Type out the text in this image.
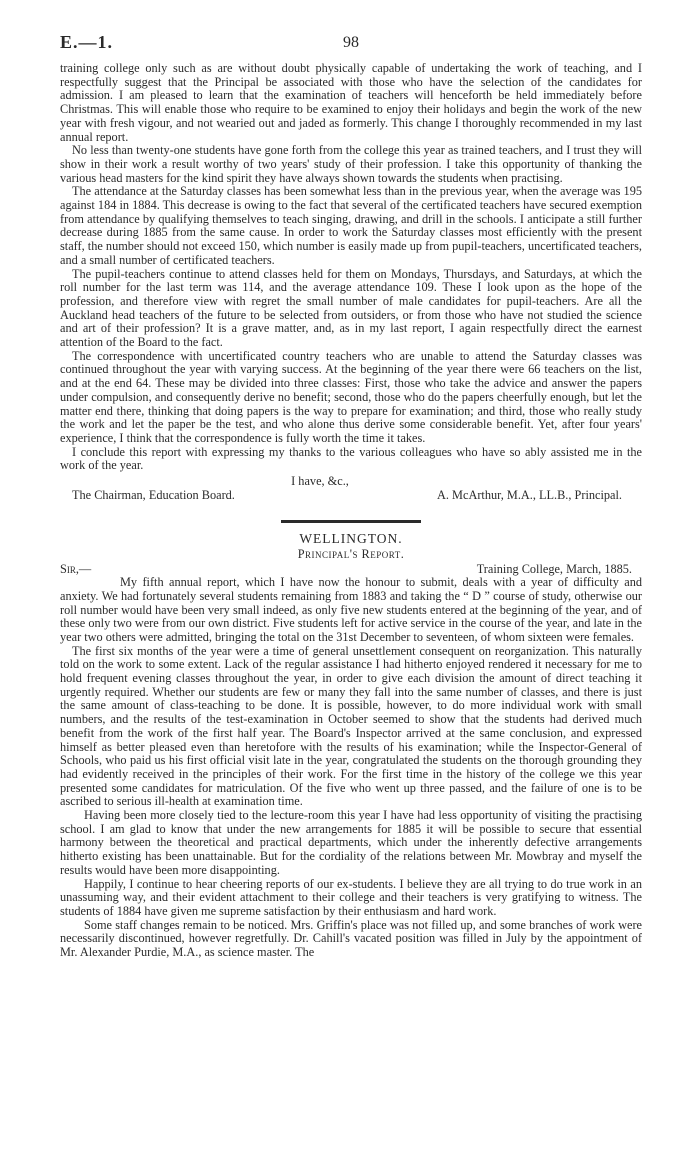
E.—1.	98

training college only such as are without doubt physically capable of undertaking the work of teaching, and I respectfully suggest that the Principal be associated with those who have the selection of the candidates for admission. I am pleased to learn that the examination of teachers will henceforth be held immediately before Christmas. This will enable those who require to be examined to enjoy their holidays and begin the work of the new year with fresh vigour, and not wearied out and jaded as formerly. This change I thoroughly recommended in my last annual report.

No less than twenty-one students have gone forth from the college this year as trained teachers, and I trust they will show in their work a result worthy of two years' study of their profession. I take this opportunity of thanking the various head masters for the kind spirit they have always shown towards the students when practising.

The attendance at the Saturday classes has been somewhat less than in the previous year, when the average was 195 against 184 in 1884. This decrease is owing to the fact that several of the certificated teachers have secured exemption from attendance by qualifying themselves to teach singing, drawing, and drill in the schools. I anticipate a still further decrease during 1885 from the same cause. In order to work the Saturday classes most efficiently with the present staff, the number should not exceed 150, which number is easily made up from pupil-teachers, uncertificated teachers, and a small number of certificated teachers.

The pupil-teachers continue to attend classes held for them on Mondays, Thursdays, and Saturdays, at which the roll number for the last term was 114, and the average attendance 109. These I look upon as the hope of the profession, and therefore view with regret the small number of male candidates for pupil-teachers. Are all the Auckland head teachers of the future to be selected from outsiders, or from those who have not studied the science and art of their profession? It is a grave matter, and, as in my last report, I again respectfully direct the earnest attention of the Board to the fact.

The correspondence with uncertificated country teachers who are unable to attend the Saturday classes was continued throughout the year with varying success. At the beginning of the year there were 66 teachers on the list, and at the end 64. These may be divided into three classes: First, those who take the advice and answer the papers under compulsion, and consequently derive no benefit; second, those who do the papers cheerfully enough, but let the matter end there, thinking that doing papers is the way to prepare for examination; and third, those who really study the work and let the paper be the test, and who alone thus derive some considerable benefit. Yet, after four years' experience, I think that the correspondence is fully worth the time it takes.

I conclude this report with expressing my thanks to the various colleagues who have so ably assisted me in the work of the year.

I have, &c.,
The Chairman, Education Board.	A. McArthur, M.A., LL.B., Principal.
WELLINGTON.
Principal's Report.
Sir,—	Training College, March, 1885.

My fifth annual report, which I have now the honour to submit, deals with a year of difficulty and anxiety. We had fortunately several students remaining from 1883 and taking the “ D ” course of study, otherwise our roll number would have been very small indeed, as only five new students entered at the beginning of the year, and of these only two were from our own district. Five students left for active service in the course of the year, and late in the year two others were admitted, bringing the total on the 31st December to seventeen, of whom sixteen were females.

The first six months of the year were a time of general unsettlement consequent on reorganization. This naturally told on the work to some extent. Lack of the regular assistance I had hitherto enjoyed rendered it necessary for me to hold frequent evening classes throughout the year, in order to give each division the amount of direct teaching it urgently required. Whether our students are few or many they fall into the same number of classes, and there is just the same amount of class-teaching to be done. It is possible, however, to do more individual work with small numbers, and the results of the test-examination in October seemed to show that the students had derived much benefit from the work of the first half year. The Board's Inspector arrived at the same conclusion, and expressed himself as better pleased even than heretofore with the results of his examination; while the Inspector-General of Schools, who paid us his first official visit late in the year, congratulated the students on the thorough grounding they had evidently received in the principles of their work. For the first time in the history of the college we this year presented some candidates for matriculation. Of the five who went up three passed, and the failure of one is to be ascribed to serious ill-health at examination time.

Having been more closely tied to the lecture-room this year I have had less opportunity of visiting the practising school. I am glad to know that under the new arrangements for 1885 it will be possible to secure that essential harmony between the theoretical and practical departments, which under the inherently defective arrangements hitherto existing has been unattainable. But for the cordiality of the relations between Mr. Mowbray and myself the results would have been more disappointing.

Happily, I continue to hear cheering reports of our ex-students. I believe they are all trying to do true work in an unassuming way, and their evident attachment to their college and their teachers is very gratifying to witness. The students of 1884 have given me supreme satisfaction by their enthusiasm and hard work.

Some staff changes remain to be noticed. Mrs. Griffin's place was not filled up, and some branches of work were necessarily discontinued, however regretfully. Dr. Cahill's vacated position was filled in July by the appointment of Mr. Alexander Purdie, M.A., as science master. The
